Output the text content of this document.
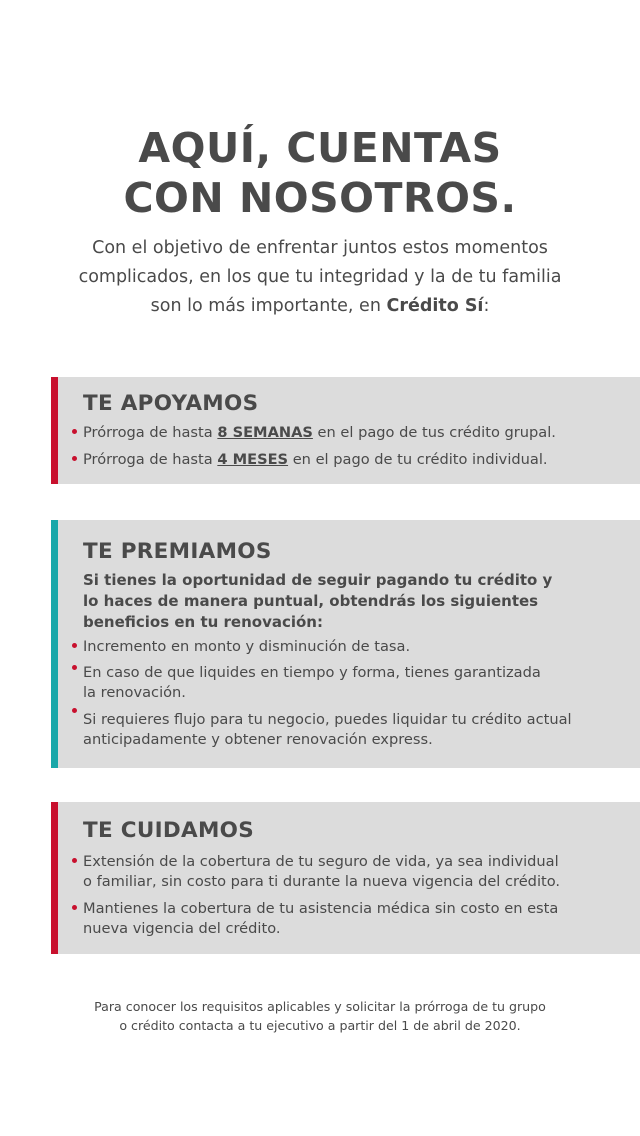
AQUÍ, CUENTAS
CON NOSOTROS.
Con el objetivo de enfrentar juntos estos momentos
complicados, en los que tu integridad y la de tu familia
son lo más importante, en Crédito Sí:
TE APOYAMOS
Prórroga de hasta 8 SEMANAS en el pago de tus crédito grupal.
Prórroga de hasta 4 MESES en el pago de tu crédito individual.
TE PREMIAMOS
Si tienes la oportunidad de seguir pagando tu crédito y
lo haces de manera puntual, obtendrás los siguientes
beneficios en tu renovación:
Incremento en monto y disminución de tasa.
En caso de que liquides en tiempo y forma, tienes garantizada
la renovación.
Si requieres flujo para tu negocio, puedes liquidar tu crédito actual
anticipadamente y obtener renovación express.
TE CUIDAMOS
Extensión de la cobertura de tu seguro de vida, ya sea individual
o familiar, sin costo para ti durante la nueva vigencia del crédito.
Mantienes la cobertura de tu asistencia médica sin costo en esta
nueva vigencia del crédito.
Para conocer los requisitos aplicables y solicitar la prórroga de tu grupo
o crédito contacta a tu ejecutivo a partir del 1 de abril de 2020.
